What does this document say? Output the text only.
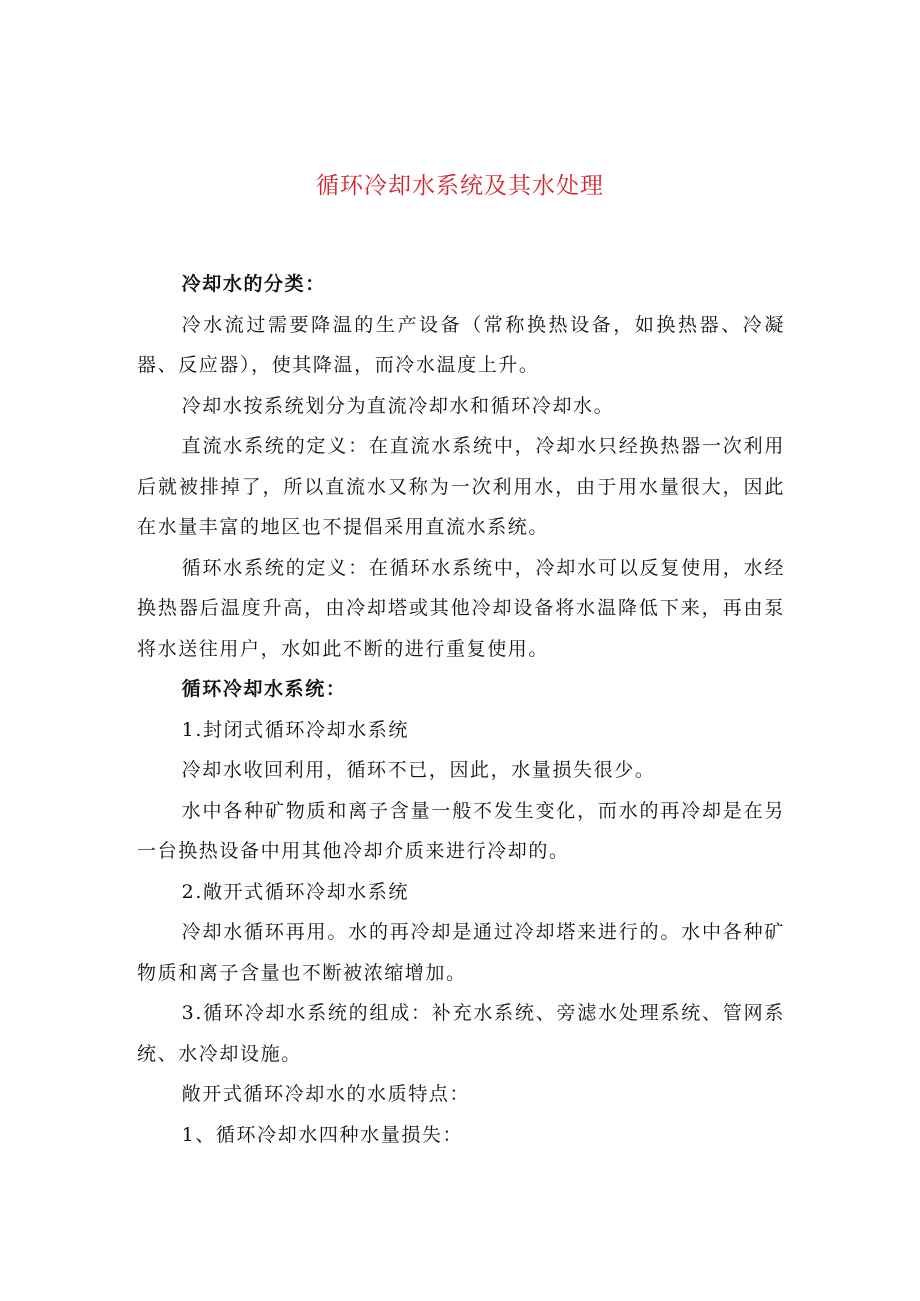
循环冷却水系统及其水处理

冷却水的分类：

冷水流过需要降温的生产设备（常称换热设备，如换热器、冷凝器、反应器），使其降温，而冷水温度上升。

冷却水按系统划分为直流冷却水和循环冷却水。

直流水系统的定义：在直流水系统中，冷却水只经换热器一次利用后就被排掉了，所以直流水又称为一次利用水，由于用水量很大，因此在水量丰富的地区也不提倡采用直流水系统。

循环水系统的定义：在循环水系统中，冷却水可以反复使用，水经换热器后温度升高，由冷却塔或其他冷却设备将水温降低下来，再由泵将水送往用户，水如此不断的进行重复使用。

循环冷却水系统：

1.封闭式循环冷却水系统

冷却水收回利用，循环不已，因此，水量损失很少。

水中各种矿物质和离子含量一般不发生变化，而水的再冷却是在另一台换热设备中用其他冷却介质来进行冷却的。

2.敞开式循环冷却水系统

冷却水循环再用。水的再冷却是通过冷却塔来进行的。水中各种矿物质和离子含量也不断被浓缩增加。

3.循环冷却水系统的组成：补充水系统、旁滤水处理系统、管网系统、水冷却设施。

敞开式循环冷却水的水质特点：

1、循环冷却水四种水量损失：
